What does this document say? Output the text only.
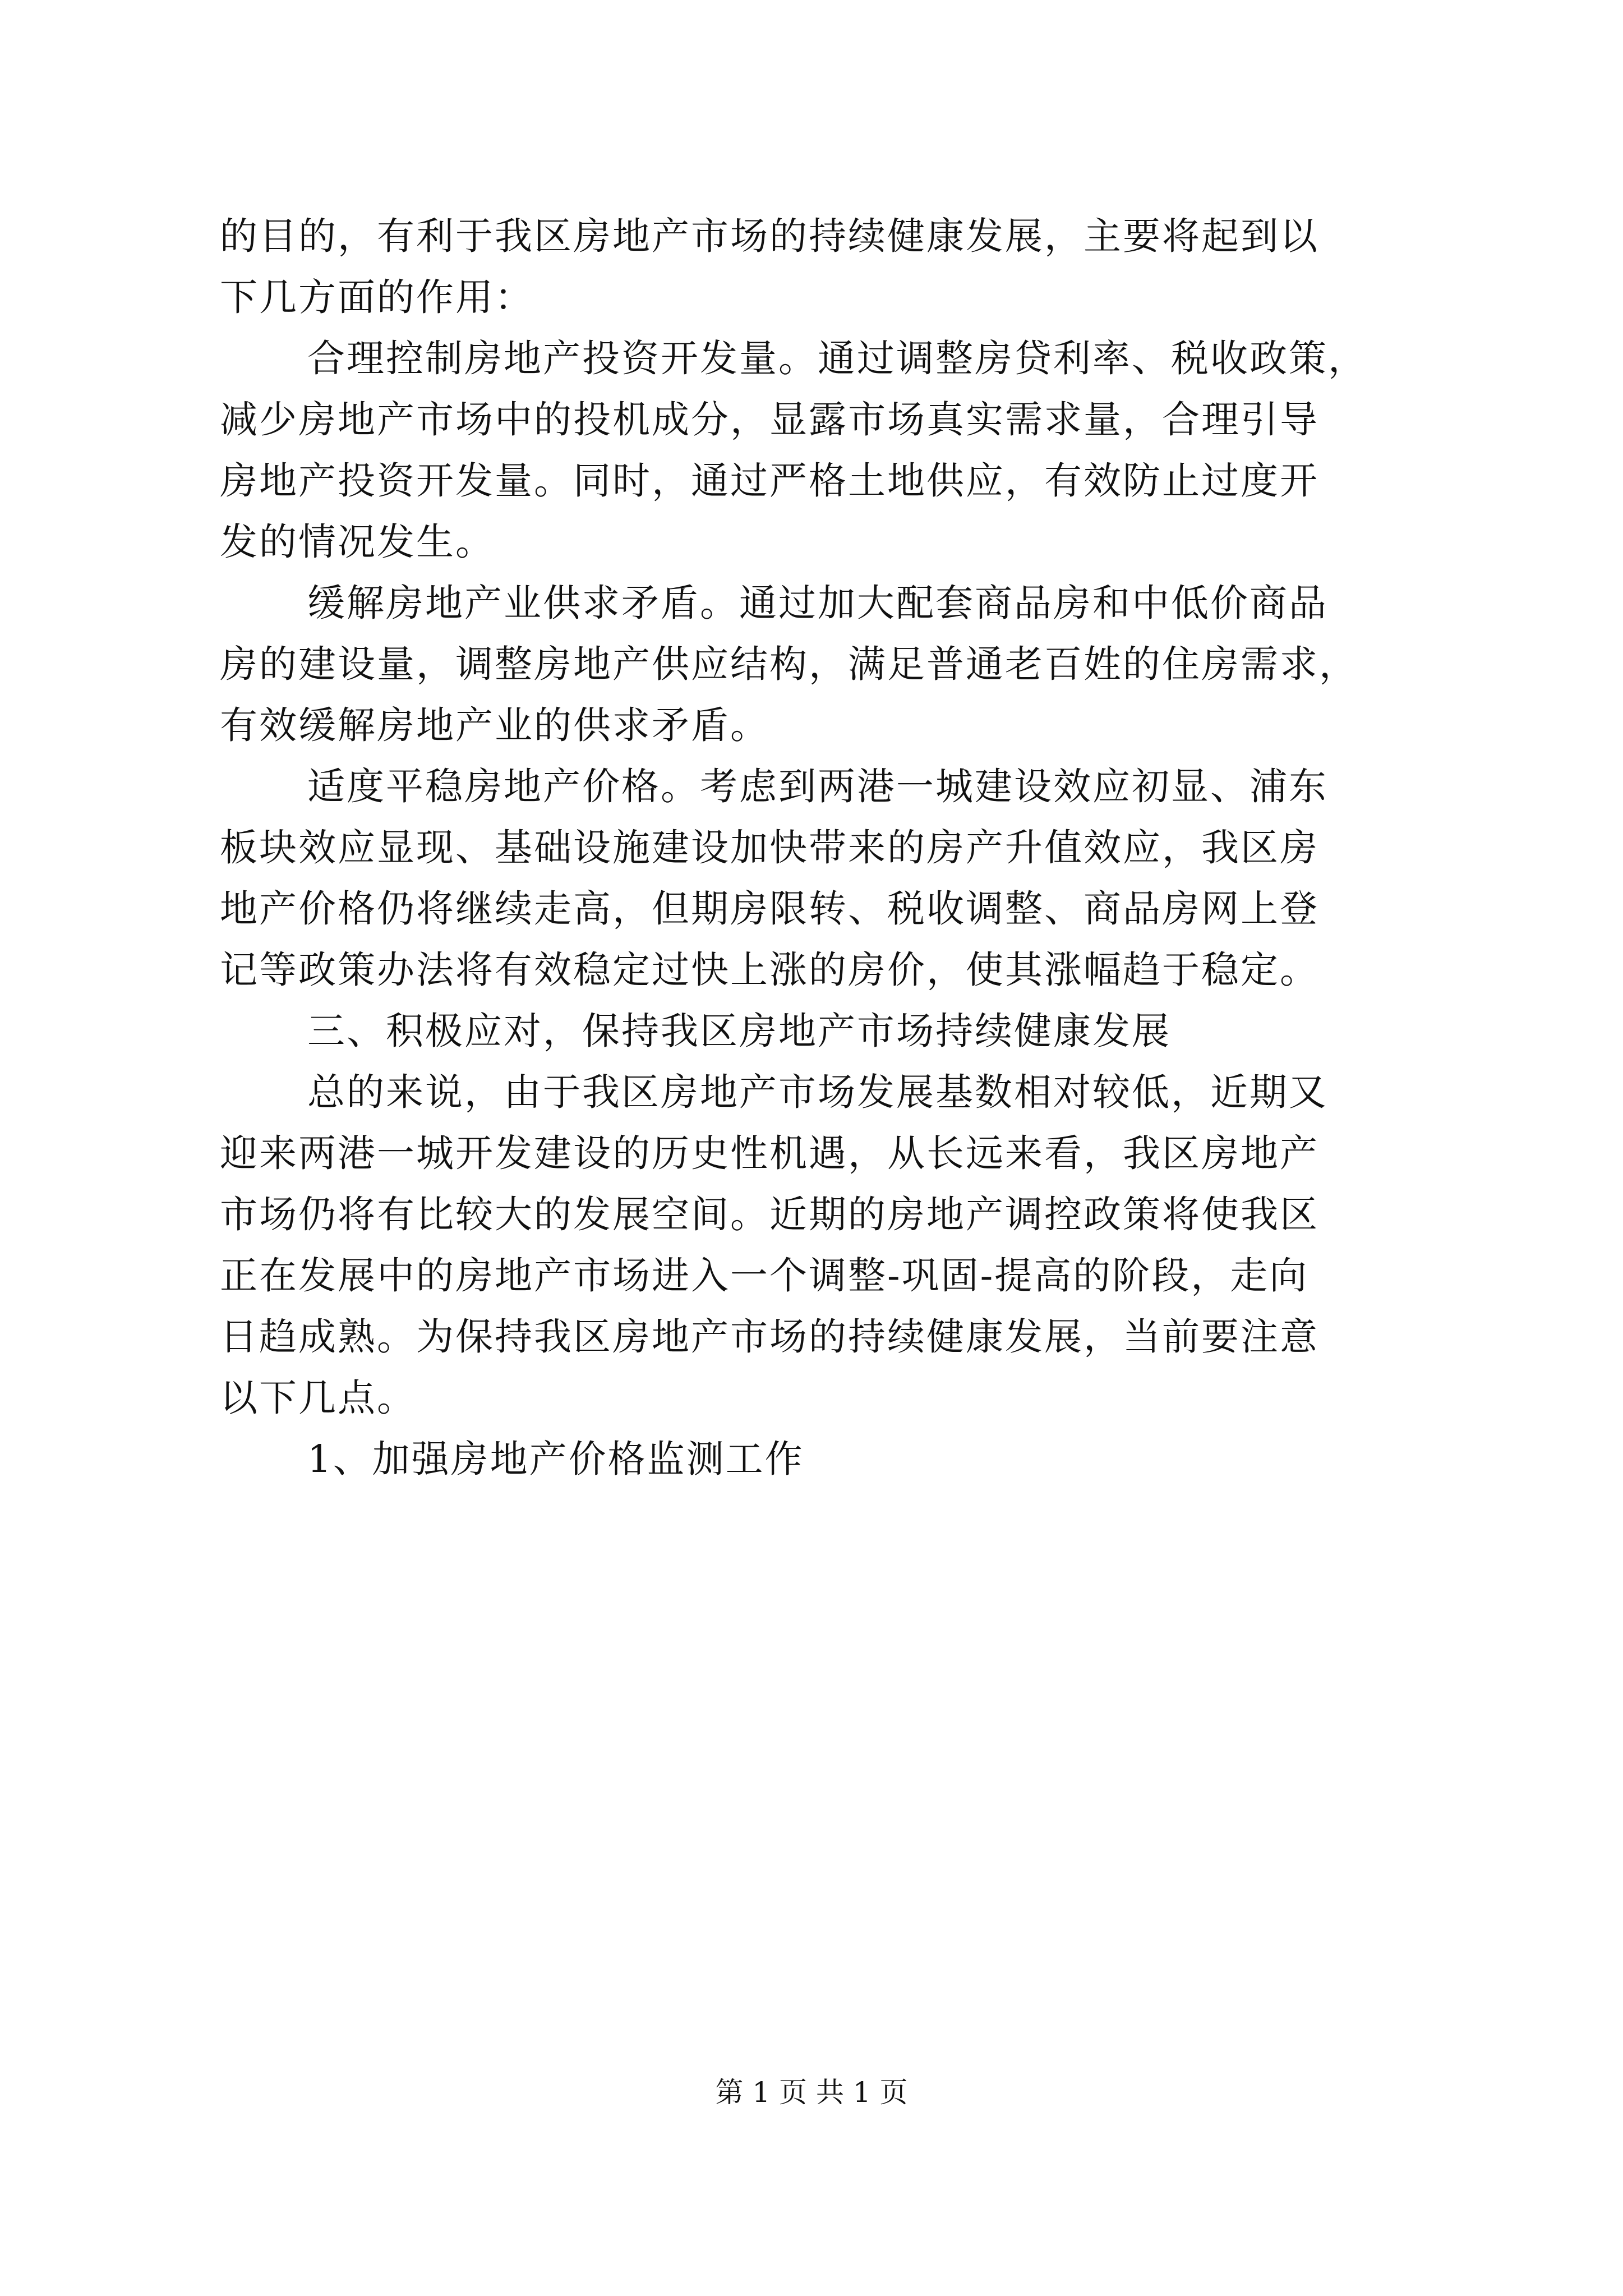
的目的，有利于我区房地产市场的持续健康发展，主要将起到以
下几方面的作用：
合理控制房地产投资开发量。通过调整房贷利率、税收政策，
减少房地产市场中的投机成分，显露市场真实需求量，合理引导
房地产投资开发量。同时，通过严格土地供应，有效防止过度开
发的情况发生。
缓解房地产业供求矛盾。通过加大配套商品房和中低价商品
房的建设量，调整房地产供应结构，满足普通老百姓的住房需求，
有效缓解房地产业的供求矛盾。
适度平稳房地产价格。考虑到两港一城建设效应初显、浦东
板块效应显现、基础设施建设加快带来的房产升值效应，我区房
地产价格仍将继续走高，但期房限转、税收调整、商品房网上登
记等政策办法将有效稳定过快上涨的房价，使其涨幅趋于稳定。
三、积极应对，保持我区房地产市场持续健康发展
总的来说，由于我区房地产市场发展基数相对较低，近期又
迎来两港一城开发建设的历史性机遇，从长远来看，我区房地产
市场仍将有比较大的发展空间。近期的房地产调控政策将使我区
正在发展中的房地产市场进入一个调整-巩固-提高的阶段，走向
日趋成熟。为保持我区房地产市场的持续健康发展，当前要注意
以下几点。
1、加强房地产价格监测工作
第 1 页 共 1 页
